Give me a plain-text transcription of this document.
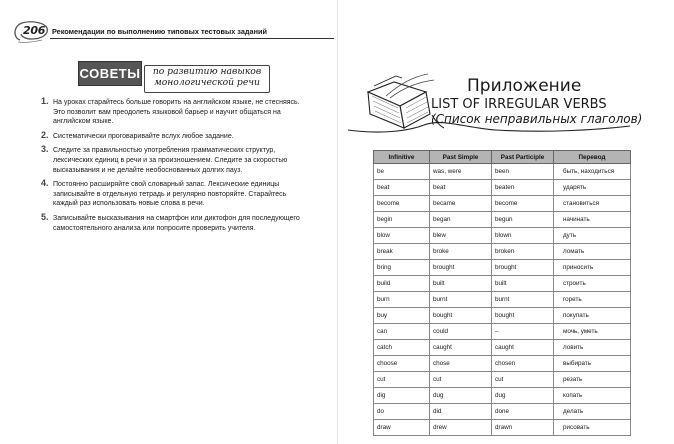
206 Рекомендации по выполнению типовых тестовых заданий
СОВЕТЫ	по развитию навыков
монологической речи
1. На уроках старайтесь больше говорить на английском языке, не стесняясь. Это позволит вам преодолеть языковой барьер и научит общаться на английском языке.
2. Систематически проговаривайте вслух любое задание.
3. Следите за правильностью употребления грамматических структур, лексических единиц в речи и за произношением. Следите за скоростью высказывания и не делайте необоснованных долгих пауз.
4. Постоянно расширяйте свой словарный запас. Лексические единицы записывайте в отдельную тетрадь и регулярно повторяйте. Старайтесь каждый раз использовать новые слова в речи.
5. Записывайте высказывания на смартфон или диктофон для последующего самостоятельного анализа или попросите проверить учителя.
Приложение
LIST OF IRREGULAR VERBS
(Список неправильных глаголов)
Infinitive	Past Simple	Past Participle	Перевод
be	was, were	been	быть, находиться
beat	beat	beaten	ударять
become	became	become	становиться
begin	began	begun	начинать
blow	blew	blown	дуть
break	broke	broken	ломать
bring	brought	brought	приносить
build	built	built	строить
burn	burnt	burnt	гореть
buy	bought	bought	покупать
can	could	–	мочь, уметь
catch	caught	caught	ловить
choose	chose	chosen	выбирать
cut	cut	cut	резать
dig	dug	dug	копать
do	did	done	делать
draw	drew	drawn	рисовать
